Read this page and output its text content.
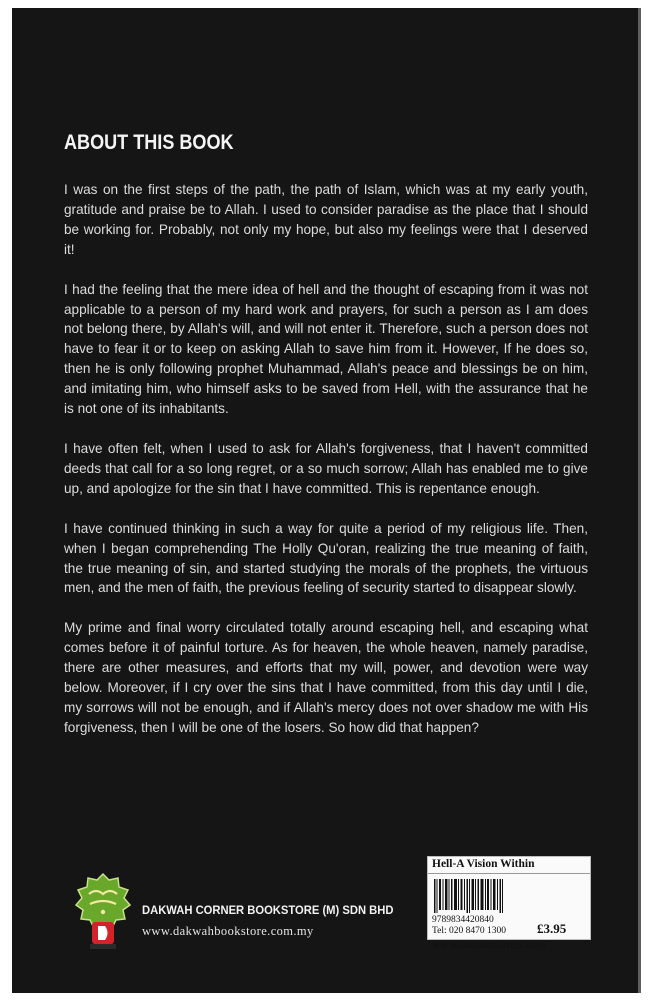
ABOUT THIS BOOK

I was on the first steps of the path, the path of Islam, which was at my early youth, gratitude and praise be to Allah. I used to consider paradise as the place that I should be working for. Probably, not only my hope, but also my feelings were that I deserved it!

I had the feeling that the mere idea of hell and the thought of escaping from it was not applicable to a person of my hard work and prayers, for such a person as I am does not belong there, by Allah's will, and will not enter it. Therefore, such a person does not have to fear it or to keep on asking Allah to save him from it. However, If he does so, then he is only following prophet Muhammad, Allah's peace and blessings be on him, and imitating him, who himself asks to be saved from Hell, with the assurance that he is not one of its inhabitants.

I have often felt, when I used to ask for Allah's forgiveness, that I haven't committed deeds that call for a so long regret, or a so much sorrow; Allah has enabled me to give up, and apologize for the sin that I have committed. This is repentance enough.

I have continued thinking in such a way for quite a period of my religious life. Then, when I began comprehending The Holly Qu'oran, realizing the true meaning of faith, the true meaning of sin, and started studying the morals of the prophets, the virtuous men, and the men of faith, the previous feeling of security started to disappear slowly.

My prime and final worry circulated totally around escaping hell, and escaping what comes before it of painful torture. As for heaven, the whole heaven, namely paradise, there are other measures, and efforts that my will, power, and devotion were way below. Moreover, if I cry over the sins that I have committed, from this day until I die, my sorrows will not be enough, and if Allah's mercy does not over shadow me with His forgiveness, then I will be one of the losers. So how did that happen?

DAKWAH CORNER BOOKSTORE (M) SDN BHD
www.dakwahbookstore.com.my
Hell-A Vision Within
9789834420840
Tel: 020 8470 1300 £3.95
www.zamzamdirect.com
